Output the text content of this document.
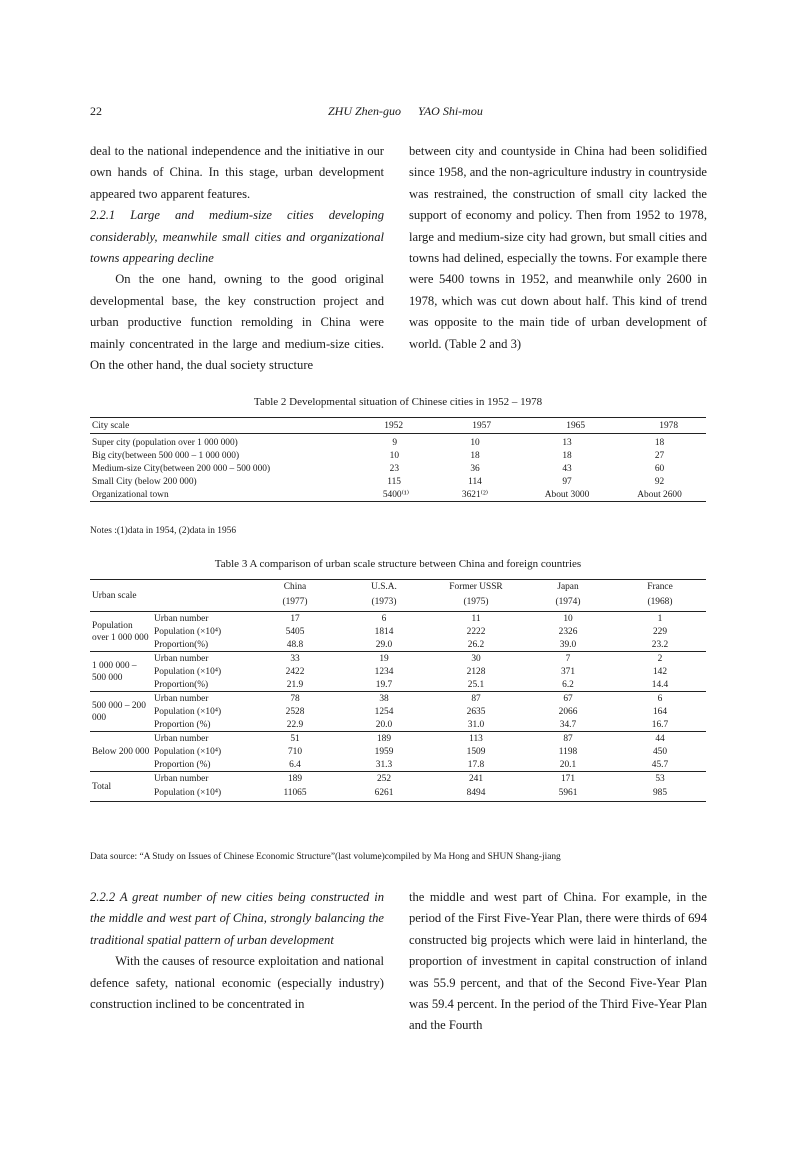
22	ZHU Zhen-guo YAO Shi-mou

deal to the national independence and the initiative in our own hands of China. In this stage, urban development appeared two apparent features.

2.2.1 Large and medium-size cities developing considerably, meanwhile small cities and organizational towns appearing decline

On the one hand, owning to the good original developmental base, the key construction project and urban productive function remolding in China were mainly concentrated in the large and medium-size cities. On the other hand, the dual society structure

between city and countyside in China had been solidified since 1958, and the non-agriculture industry in countryside was restrained, the construction of small city lacked the support of economy and policy. Then from 1952 to 1978, large and medium-size city had grown, but small cities and towns had delined, especially the towns. For example there were 5400 towns in 1952, and meanwhile only 2600 in 1978, which was cut down about half. This kind of trend was opposite to the main tide of urban development of world. (Table 2 and 3)

Table 2 Developmental situation of Chinese cities in 1952 – 1978
City scale	1952	1957	1965	1978
Super city (population over 1 000 000)	9	10	13	18
Big city(between 500 000 – 1 000 000)	10	18	18	27
Medium-size City(between 200 000 – 500 000)	23	36	43	60
Small City (below 200 000)	115	114	97	92
Organizational town	5400⁽¹⁾	3621⁽²⁾	About 3000	About 2600
Notes :(1)data in 1954, (2)data in 1956
Table 3 A comparison of urban scale structure between China and foreign countries
Urban scale		China	U.S.A.	Former USSR	Japan	France
		(1977)	(1973)	(1975)	(1974)	(1968)
Population over 1 000 000	Urban number	17	6	11	10	1
	Population (×10⁴)	5405	1814	2222	2326	229
	Proportion(%)	48.8	29.0	26.2	39.0	23.2
1 000 000 – 500 000	Urban number	33	19	30	7	2
	Population (×10⁴)	2422	1234	2128	371	142
	Proportion(%)	21.9	19.7	25.1	6.2	14.4
500 000 – 200 000	Urban number	78	38	87	67	6
	Population (×10⁴)	2528	1254	2635	2066	164
	Proportion (%)	22.9	20.0	31.0	34.7	16.7
Below 200 000	Urban number	51	189	113	87	44
	Population (×10⁴)	710	1959	1509	1198	450
	Proportion (%)	6.4	31.3	17.8	20.1	45.7
Total	Urban number	189	252	241	171	53
	Population (×10⁴)	11065	6261	8494	5961	985
Data source: “A Study on Issues of Chinese Economic Structure”(last volume)compiled by Ma Hong and SHUN Shang-jiang

2.2.2 A great number of new cities being constructed in the middle and west part of China, strongly balancing the traditional spatial pattern of urban development

With the causes of resource exploitation and national defence safety, national economic (especially industry) construction inclined to be concentrated in

the middle and west part of China. For example, in the period of the First Five-Year Plan, there were thirds of 694 constructed big projects which were laid in hinterland, the proportion of investment in capital construction of inland was 55.9 percent, and that of the Second Five-Year Plan was 59.4 percent. In the period of the Third Five-Year Plan and the Fourth
